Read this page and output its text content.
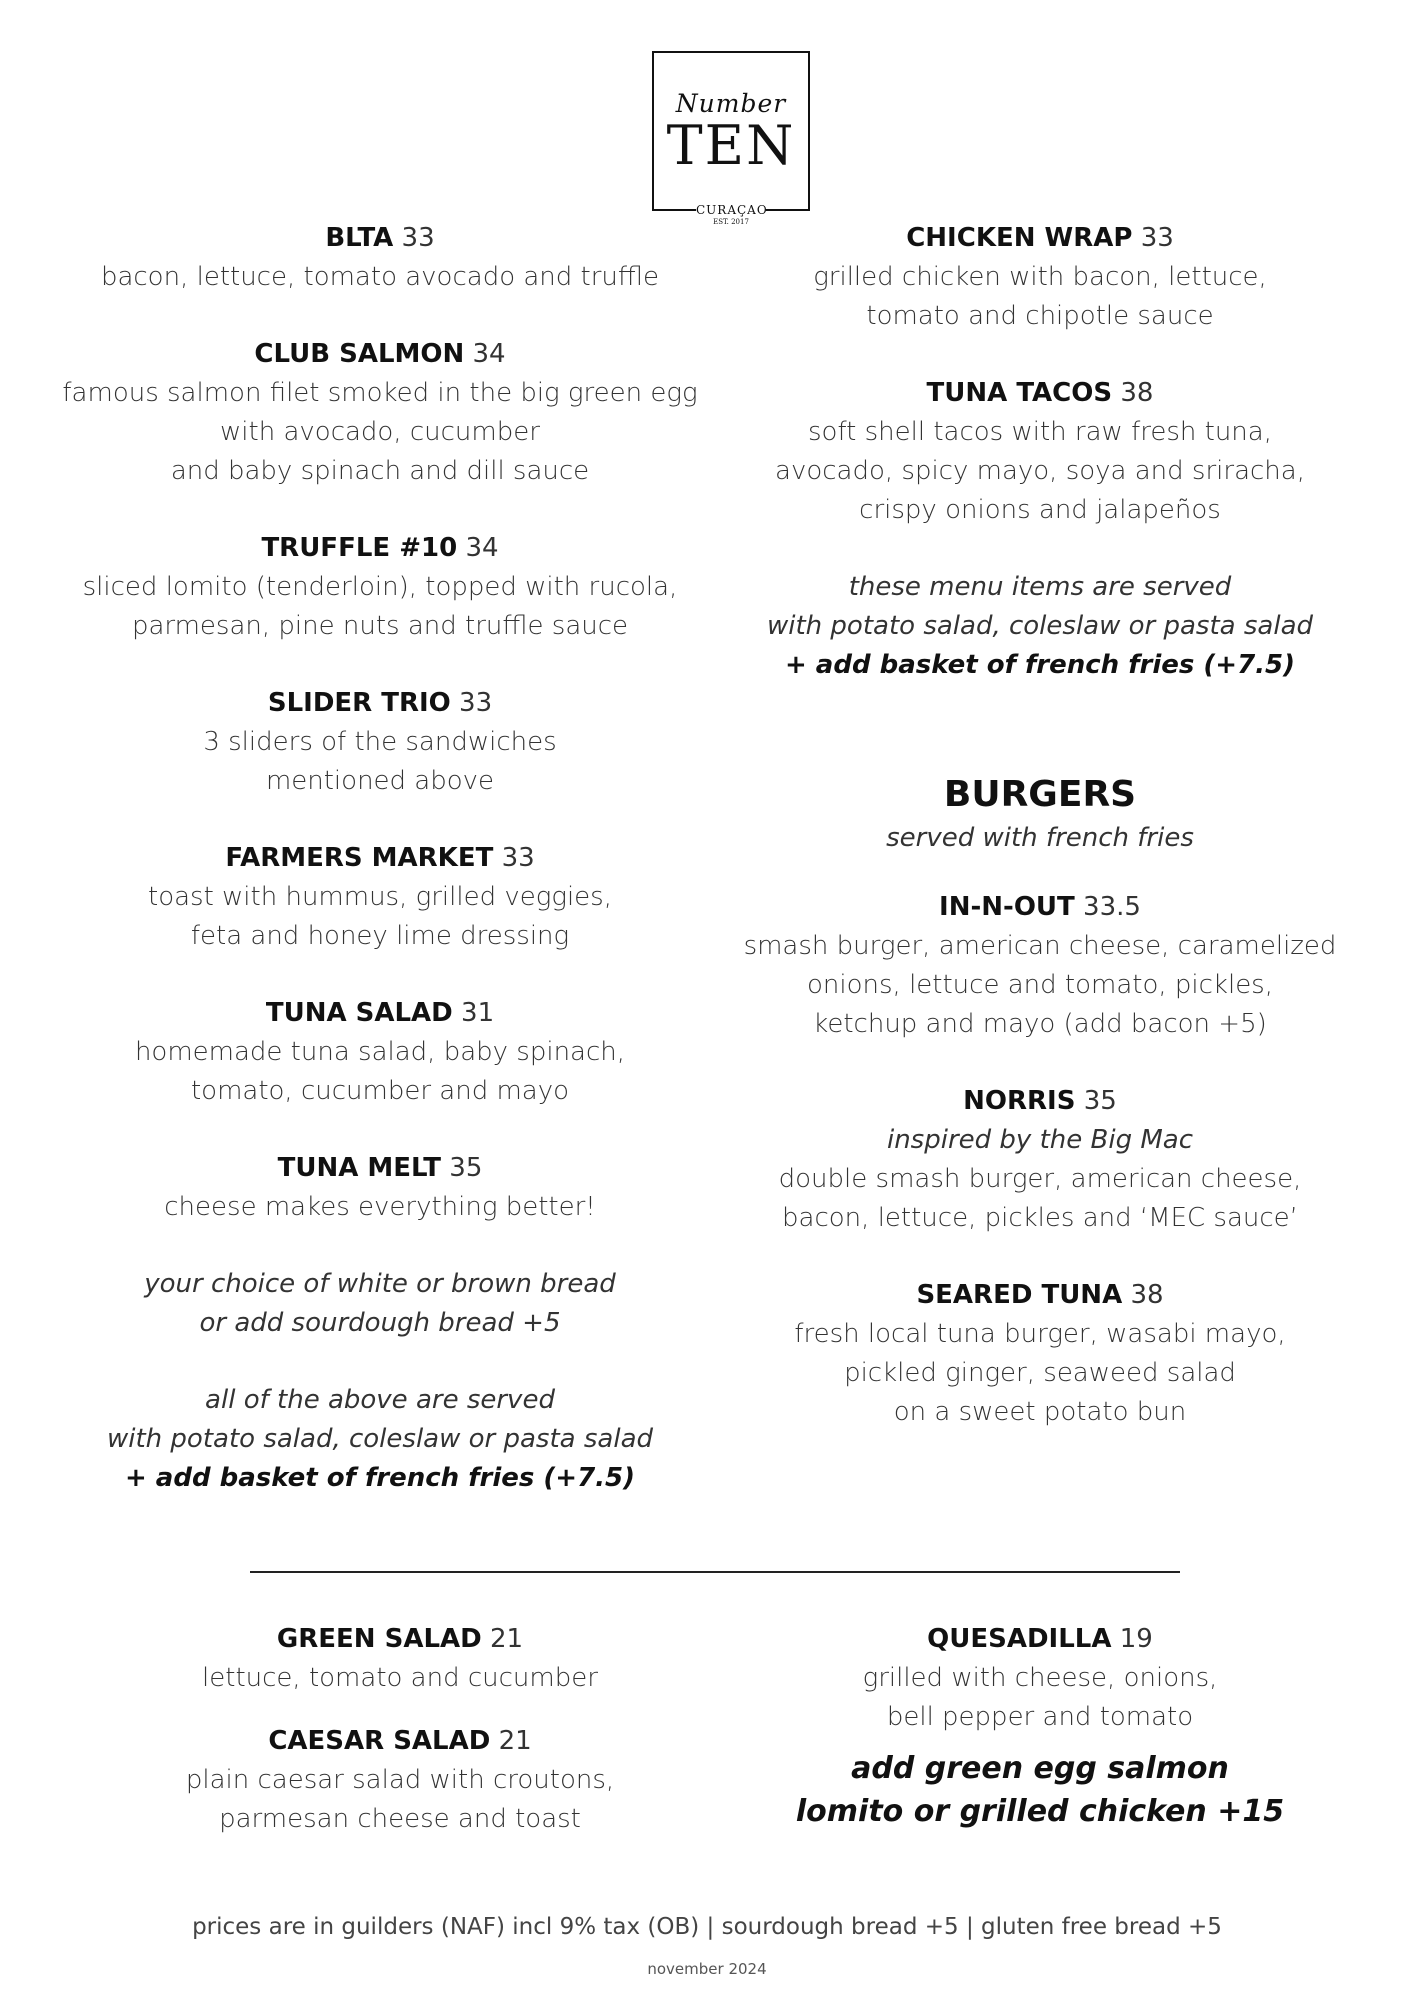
Number
TEN
CURAÇAO
EST. 2017
BLTA 33
bacon, lettuce, tomato avocado and truffle
CLUB SALMON 34
famous salmon filet smoked in the big green egg
with avocado, cucumber
and baby spinach and dill sauce
TRUFFLE #10 34
sliced lomito (tenderloin), topped with rucola,
parmesan, pine nuts and truffle sauce
SLIDER TRIO 33
3 sliders of the sandwiches
mentioned above
FARMERS MARKET 33
toast with hummus, grilled veggies,
feta and honey lime dressing
TUNA SALAD 31
homemade tuna salad, baby spinach,
tomato, cucumber and mayo
TUNA MELT 35
cheese makes everything better!
your choice of white or brown bread
or add sourdough bread +5
all of the above are served
with potato salad, coleslaw or pasta salad
+ add basket of french fries (+7.5)
CHICKEN WRAP 33
grilled chicken with bacon, lettuce,
tomato and chipotle sauce
TUNA TACOS 38
soft shell tacos with raw fresh tuna,
avocado, spicy mayo, soya and sriracha,
crispy onions and jalapeños
these menu items are served
with potato salad, coleslaw or pasta salad
+ add basket of french fries (+7.5)
BURGERS
served with french fries
IN-N-OUT 33.5
smash burger, american cheese, caramelized
onions, lettuce and tomato, pickles,
ketchup and mayo (add bacon +5)
NORRIS 35
inspired by the Big Mac
double smash burger, american cheese,
bacon, lettuce, pickles and ‘MEC sauce’
SEARED TUNA 38
fresh local tuna burger, wasabi mayo,
pickled ginger, seaweed salad
on a sweet potato bun
GREEN SALAD 21
lettuce, tomato and cucumber
CAESAR SALAD 21
plain caesar salad with croutons,
parmesan cheese and toast
QUESADILLA 19
grilled with cheese, onions,
bell pepper and tomato
add green egg salmon
lomito or grilled chicken +15
prices are in guilders (NAF) incl 9% tax (OB) | sourdough bread +5 | gluten free bread +5
november 2024
